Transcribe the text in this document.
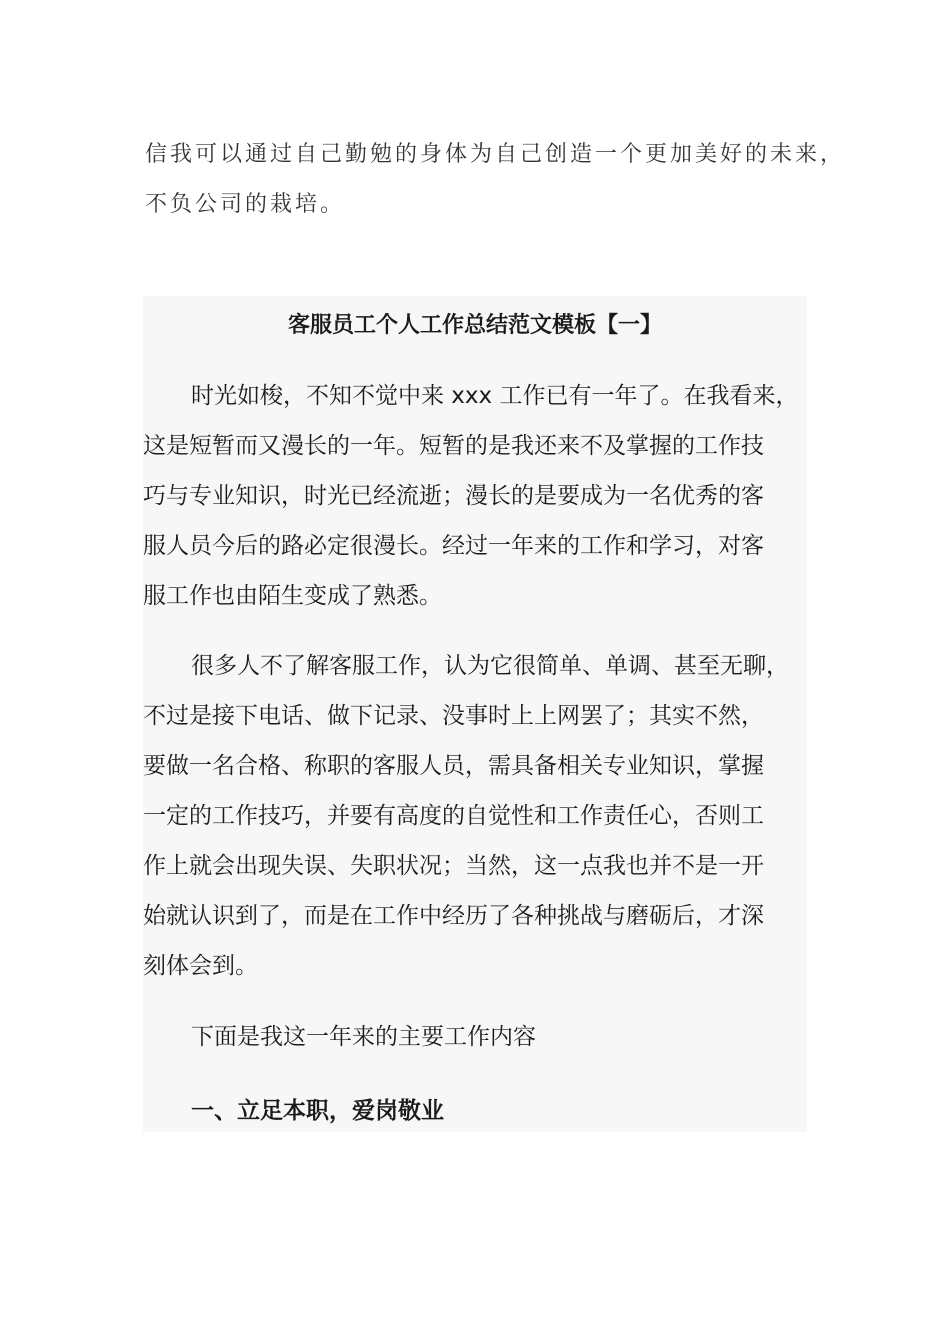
信我可以通过自己勤勉的身体为自己创造一个更加美好的未来，

不负公司的栽培。

客服员工个人工作总结范文模板【一】
时光如梭，不知不觉中来 xxx 工作已有一年了。在我看来，
这是短暂而又漫长的一年。短暂的是我还来不及掌握的工作技
巧与专业知识，时光已经流逝；漫长的是要成为一名优秀的客
服人员今后的路必定很漫长。经过一年来的工作和学习，对客
服工作也由陌生变成了熟悉。
很多人不了解客服工作，认为它很简单、单调、甚至无聊，
不过是接下电话、做下记录、没事时上上网罢了；其实不然，
要做一名合格、称职的客服人员，需具备相关专业知识，掌握
一定的工作技巧，并要有高度的自觉性和工作责任心，否则工
作上就会出现失误、失职状况；当然，这一点我也并不是一开
始就认识到了，而是在工作中经历了各种挑战与磨砺后，才深
刻体会到。
下面是我这一年来的主要工作内容
一、立足本职，爱岗敬业
